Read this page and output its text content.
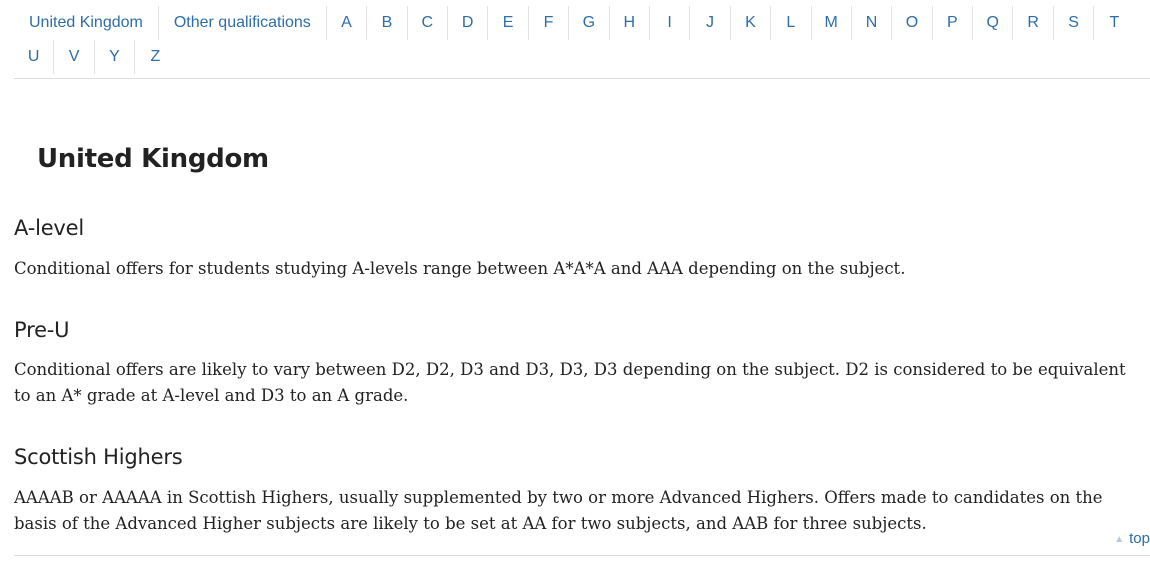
United Kingdom	Other qualifications	A	B	C	D	E	F	G	H	I	J	K	L	M	N	O	P	Q	R	S	T
U	V	Y	Z
United Kingdom
A-level

Conditional offers for students studying A-levels range between A*A*A and AAA depending on the subject.

Pre-U

Conditional offers are likely to vary between D2, D2, D3 and D3, D3, D3 depending on the subject. D2 is considered to be equivalent to an A* grade at A-level and D3 to an A grade.

Scottish Highers

AAAAB or AAAAA in Scottish Highers, usually supplemented by two or more Advanced Highers. Offers made to candidates on the basis of the Advanced Higher subjects are likely to be set at AA for two subjects, and AAB for three subjects.

▲ top
